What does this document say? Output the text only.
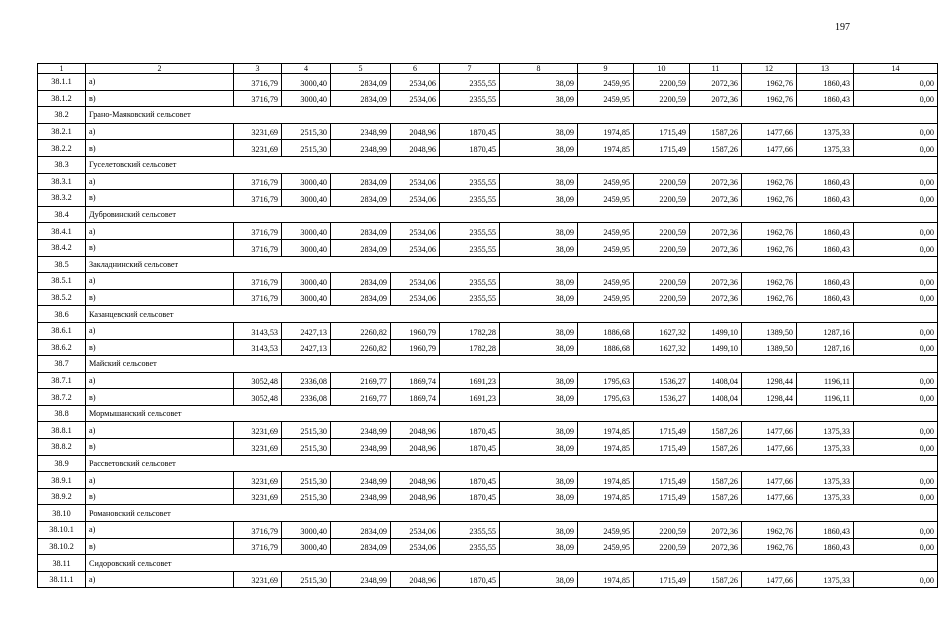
197
1	2	3	4	5	6	7	8	9	10	11	12	13	14
38.1.1	а)	3716,79	3000,40	2834,09	2534,06	2355,55	38,09	2459,95	2200,59	2072,36	1962,76	1860,43	0,00
38.1.2	в)	3716,79	3000,40	2834,09	2534,06	2355,55	38,09	2459,95	2200,59	2072,36	1962,76	1860,43	0,00
38.2	Грано-Маяковский сельсовет												
38.2.1	а)	3231,69	2515,30	2348,99	2048,96	1870,45	38,09	1974,85	1715,49	1587,26	1477,66	1375,33	0,00
38.2.2	в)	3231,69	2515,30	2348,99	2048,96	1870,45	38,09	1974,85	1715,49	1587,26	1477,66	1375,33	0,00
38.3	Гуселетовский сельсовет												
38.3.1	а)	3716,79	3000,40	2834,09	2534,06	2355,55	38,09	2459,95	2200,59	2072,36	1962,76	1860,43	0,00
38.3.2	в)	3716,79	3000,40	2834,09	2534,06	2355,55	38,09	2459,95	2200,59	2072,36	1962,76	1860,43	0,00
38.4	Дубровинский сельсовет												
38.4.1	а)	3716,79	3000,40	2834,09	2534,06	2355,55	38,09	2459,95	2200,59	2072,36	1962,76	1860,43	0,00
38.4.2	в)	3716,79	3000,40	2834,09	2534,06	2355,55	38,09	2459,95	2200,59	2072,36	1962,76	1860,43	0,00
38.5	Закладнинский сельсовет												
38.5.1	а)	3716,79	3000,40	2834,09	2534,06	2355,55	38,09	2459,95	2200,59	2072,36	1962,76	1860,43	0,00
38.5.2	в)	3716,79	3000,40	2834,09	2534,06	2355,55	38,09	2459,95	2200,59	2072,36	1962,76	1860,43	0,00
38.6	Казанцевский сельсовет												
38.6.1	а)	3143,53	2427,13	2260,82	1960,79	1782,28	38,09	1886,68	1627,32	1499,10	1389,50	1287,16	0,00
38.6.2	в)	3143,53	2427,13	2260,82	1960,79	1782,28	38,09	1886,68	1627,32	1499,10	1389,50	1287,16	0,00
38.7	Майский сельсовет												
38.7.1	а)	3052,48	2336,08	2169,77	1869,74	1691,23	38,09	1795,63	1536,27	1408,04	1298,44	1196,11	0,00
38.7.2	в)	3052,48	2336,08	2169,77	1869,74	1691,23	38,09	1795,63	1536,27	1408,04	1298,44	1196,11	0,00
38.8	Мормышанский сельсовет												
38.8.1	а)	3231,69	2515,30	2348,99	2048,96	1870,45	38,09	1974,85	1715,49	1587,26	1477,66	1375,33	0,00
38.8.2	в)	3231,69	2515,30	2348,99	2048,96	1870,45	38,09	1974,85	1715,49	1587,26	1477,66	1375,33	0,00
38.9	Рассветовский сельсовет												
38.9.1	а)	3231,69	2515,30	2348,99	2048,96	1870,45	38,09	1974,85	1715,49	1587,26	1477,66	1375,33	0,00
38.9.2	в)	3231,69	2515,30	2348,99	2048,96	1870,45	38,09	1974,85	1715,49	1587,26	1477,66	1375,33	0,00
38.10	Романовский сельсовет												
38.10.1	а)	3716,79	3000,40	2834,09	2534,06	2355,55	38,09	2459,95	2200,59	2072,36	1962,76	1860,43	0,00
38.10.2	в)	3716,79	3000,40	2834,09	2534,06	2355,55	38,09	2459,95	2200,59	2072,36	1962,76	1860,43	0,00
38.11	Сидоровский сельсовет												
38.11.1	а)	3231,69	2515,30	2348,99	2048,96	1870,45	38,09	1974,85	1715,49	1587,26	1477,66	1375,33	0,00
